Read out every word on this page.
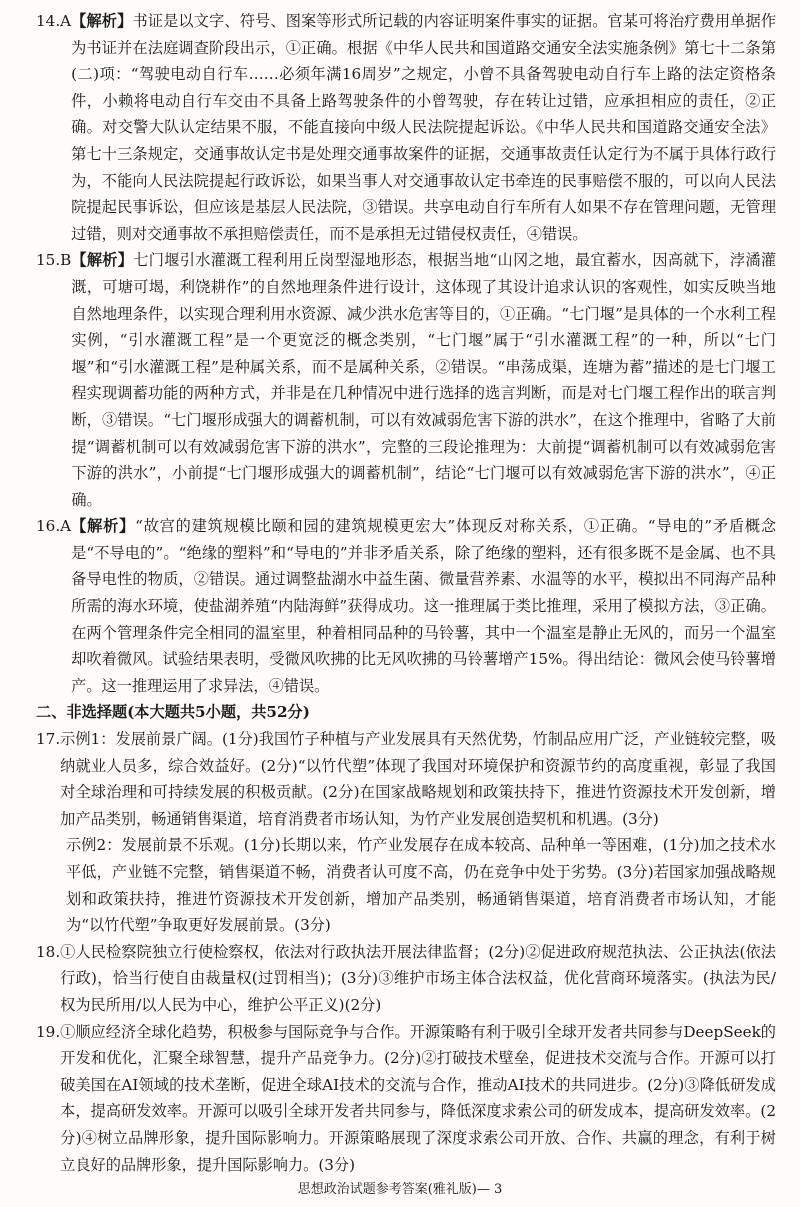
14.A 【解析】书证是以文字、符号、图案等形式所记载的内容证明案件事实的证据。官某可将治疗费用单据作为书证并在法庭调查阶段出示，①正确。根据《中华人民共和国道路交通安全法实施条例》第七十二条第(二)项：“驾驶电动自行车……必须年满16周岁”之规定，小曾不具备驾驶电动自行车上路的法定资格条件，小赖将电动自行车交由不具备上路驾驶条件的小曾驾驶，存在转让过错，应承担相应的责任，②正确。对交警大队认定结果不服，不能直接向中级人民法院提起诉讼。《中华人民共和国道路交通安全法》第七十三条规定，交通事故认定书是处理交通事故案件的证据，交通事故责任认定行为不属于具体行政行为，不能向人民法院提起行政诉讼，如果当事人对交通事故认定书牵连的民事赔偿不服的，可以向人民法院提起民事诉讼，但应该是基层人民法院，③错误。共享电动自行车所有人如果不存在管理问题，无管理过错，则对交通事故不承担赔偿责任，而不是承担无过错侵权责任，④错误。
15.B 【解析】七门堰引水灌溉工程利用丘岗型湿地形态，根据当地“山冈之地，最宜蓄水，因高就下，浡潏灌溉，可塘可堨，利饶耕作”的自然地理条件进行设计，这体现了其设计追求认识的客观性，如实反映当地自然地理条件，以实现合理利用水资源、减少洪水危害等目的，①正确。“七门堰”是具体的一个水利工程实例，“引水灌溉工程”是一个更宽泛的概念类别，“七门堰”属于“引水灌溉工程”的一种，所以“七门堰”和“引水灌溉工程”是种属关系，而不是属种关系，②错误。“串荡成渠，连塘为蓄”描述的是七门堰工程实现调蓄功能的两种方式，并非是在几种情况中进行选择的选言判断，而是对七门堰工程作出的联言判断，③错误。“七门堰形成强大的调蓄机制，可以有效减弱危害下游的洪水”，在这个推理中，省略了大前提“调蓄机制可以有效减弱危害下游的洪水”，完整的三段论推理为：大前提“调蓄机制可以有效减弱危害下游的洪水”，小前提“七门堰形成强大的调蓄机制”，结论“七门堰可以有效减弱危害下游的洪水”，④正确。
16.A 【解析】“故宫的建筑规模比颐和园的建筑规模更宏大”体现反对称关系，①正确。“导电的”矛盾概念是“不导电的”。“绝缘的塑料”和“导电的”并非矛盾关系，除了绝缘的塑料，还有很多既不是金属、也不具备导电性的物质，②错误。通过调整盐湖水中益生菌、微量营养素、水温等的水平，模拟出不同海产品种所需的海水环境，使盐湖养殖“内陆海鲜”获得成功。这一推理属于类比推理，采用了模拟方法，③正确。在两个管理条件完全相同的温室里，种着相同品种的马铃薯，其中一个温室是静止无风的，而另一个温室却吹着微风。试验结果表明，受微风吹拂的比无风吹拂的马铃薯增产15%。得出结论：微风会使马铃薯增产。这一推理运用了求异法，④错误。
二、非选择题(本大题共5小题，共52分)
17. 示例1：发展前景广阔。(1分)我国竹子种植与产业发展具有天然优势，竹制品应用广泛，产业链较完整，吸纳就业人员多，综合效益好。(2分)“以竹代塑”体现了我国对环境保护和资源节约的高度重视，彰显了我国对全球治理和可持续发展的积极贡献。(2分)在国家战略规划和政策扶持下，推进竹资源技术开发创新，增加产品类别，畅通销售渠道，培育消费者市场认知，为竹产业发展创造契机和机遇。(3分)
示例2：发展前景不乐观。(1分)长期以来，竹产业发展存在成本较高、品种单一等困难，(1分)加之技术水平低，产业链不完整，销售渠道不畅，消费者认可度不高，仍在竞争中处于劣势。(3分)若国家加强战略规划和政策扶持，推进竹资源技术开发创新，增加产品类别，畅通销售渠道，培育消费者市场认知，才能为“以竹代塑”争取更好发展前景。(3分)
18. ①人民检察院独立行使检察权，依法对行政执法开展法律监督；(2分)②促进政府规范执法、公正执法(依法行政)，恰当行使自由裁量权(过罚相当)；(3分)③维护市场主体合法权益，优化营商环境落实。(执法为民/权为民所用/以人民为中心，维护公平正义)(2分)
19. ①顺应经济全球化趋势，积极参与国际竞争与合作。开源策略有利于吸引全球开发者共同参与DeepSeek的开发和优化，汇聚全球智慧，提升产品竞争力。(2分)②打破技术壁垒，促进技术交流与合作。开源可以打破美国在AI领域的技术垄断，促进全球AI技术的交流与合作，推动AI技术的共同进步。(2分)③降低研发成本，提高研发效率。开源可以吸引全球开发者共同参与，降低深度求索公司的研发成本，提高研发效率。(2分)④树立品牌形象，提升国际影响力。开源策略展现了深度求索公司开放、合作、共赢的理念，有利于树立良好的品牌形象，提升国际影响力。(3分)
思想政治试题参考答案(雅礼版)— 3
